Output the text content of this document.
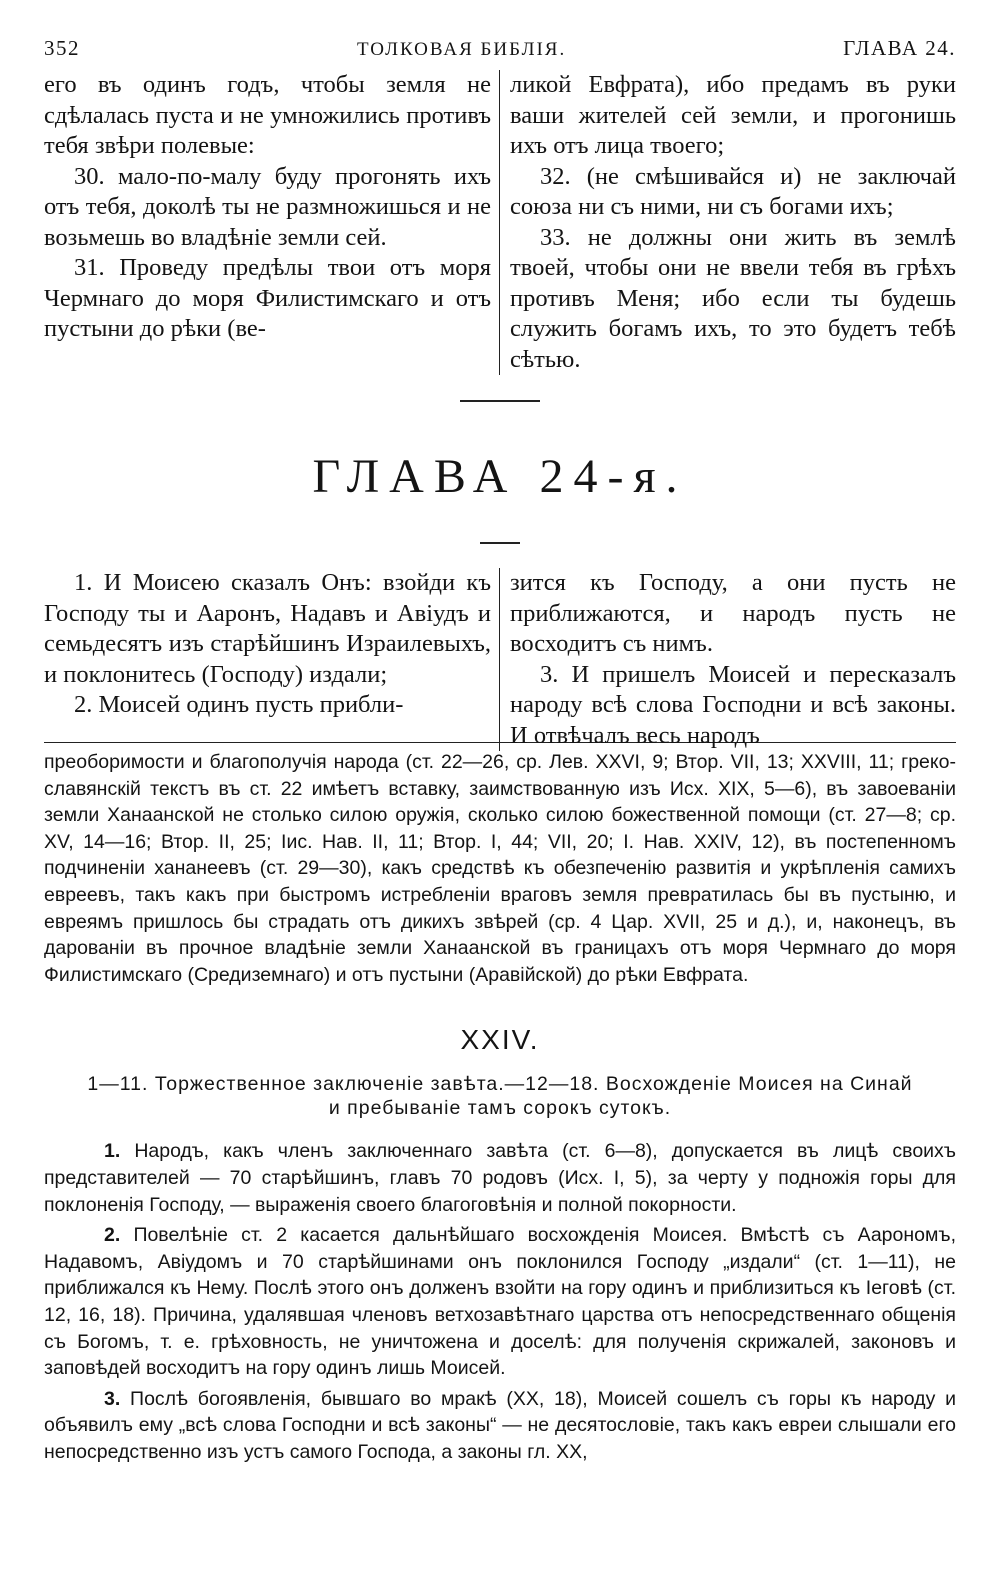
352	ТОЛКОВАЯ БИБЛІЯ.	ГЛАВА 24.

его въ одинъ годъ, чтобы земля не сдѣлалась пуста и не умножились противъ тебя звѣри полевые:

30. мало-по-малу буду прогонять ихъ отъ тебя, доколѣ ты не размножишься и не возьмешь во владѣніе земли сей.

31. Проведу предѣлы твои отъ моря Чермнаго до моря Филистимскаго и отъ пустыни до рѣки (ве-

ликой Евфрата), ибо предамъ въ руки ваши жителей сей земли, и прогонишь ихъ отъ лица твоего;

32. (не смѣшивайся и) не заключай союза ни съ ними, ни съ богами ихъ;

33. не должны они жить въ землѣ твоей, чтобы они не ввели тебя въ грѣхъ противъ Меня; ибо если ты будешь служить богамъ ихъ, то это будетъ тебѣ сѣтью.

ГЛАВА 24-я.

1. И Моисею сказалъ Онъ: взойди къ Господу ты и Ааронъ, Надавъ и Авіудъ и семьдесятъ изъ старѣйшинъ Израилевыхъ, и поклонитесь (Господу) издали;

2. Моисей одинъ пусть прибли-

зится къ Господу, а они пусть не приближаются, и народъ пусть не восходитъ съ нимъ.

3. И пришелъ Моисей и пересказалъ народу всѣ слова Господни и всѣ законы. И отвѣчалъ весь народъ

преоборимости и благополучія народа (ст. 22—26, ср. Лев. XXVI, 9; Втор. VII, 13; XXVIII, 11; греко-славянскій текстъ въ ст. 22 имѣетъ вставку, заимствованную изъ Исх. XIX, 5—6), въ завоеваніи земли Ханаанской не столько силою оружія, сколько силою божественной помощи (ст. 27—8; ср. XV, 14—16; Втор. II, 25; Іис. Нав. II, 11; Втор. I, 44; VII, 20; І. Нав. XXIV, 12), въ постепенномъ подчиненіи хананеевъ (ст. 29—30), какъ средствѣ къ обезпеченію развитія и укрѣпленія самихъ евреевъ, такъ какъ при быстромъ истребленіи враговъ земля превратилась бы въ пустыню, и евреямъ пришлось бы страдать отъ дикихъ звѣрей (ср. 4 Цар. XVII, 25 и д.), и, наконецъ, въ дарованіи въ прочное владѣніе земли Ханаанской въ границахъ отъ моря Чермнаго до моря Филистимскаго (Средиземнаго) и отъ пустыни (Аравійской) до рѣки Евфрата.

XXIV.
1—11. Торжественное заключеніе завѣта.—12—18. Восхожденіе Моисея на Синай
и пребываніе тамъ сорокъ сутокъ.

1. Народъ, какъ членъ заключеннаго завѣта (ст. 6—8), допускается въ лицѣ своихъ представителей — 70 старѣйшинъ, главъ 70 родовъ (Исх. I, 5), за черту у подножія горы для поклоненія Господу, — выраженія своего благоговѣнія и полной покорности.

2. Повелѣніе ст. 2 касается дальнѣйшаго восхожденія Моисея. Вмѣстѣ съ Аарономъ, Надавомъ, Авіудомъ и 70 старѣйшинами онъ поклонился Господу „издали“ (ст. 1—11), не приближался къ Нему. Послѣ этого онъ долженъ взойти на гору одинъ и приблизиться къ Іеговѣ (ст. 12, 16, 18). Причина, удалявшая членовъ ветхозавѣтнаго царства отъ непосредственнаго общенія съ Богомъ, т. е. грѣховность, не уничтожена и доселѣ: для полученія скрижалей, законовъ и заповѣдей восходитъ на гору одинъ лишь Моисей.

3. Послѣ богоявленія, бывшаго во мракѣ (XX, 18), Моисей сошелъ съ горы къ народу и объявилъ ему „всѣ слова Господни и всѣ законы“ — не десятословіе, такъ какъ евреи слышали его непосредственно изъ устъ самого Господа, а законы гл. XX,
